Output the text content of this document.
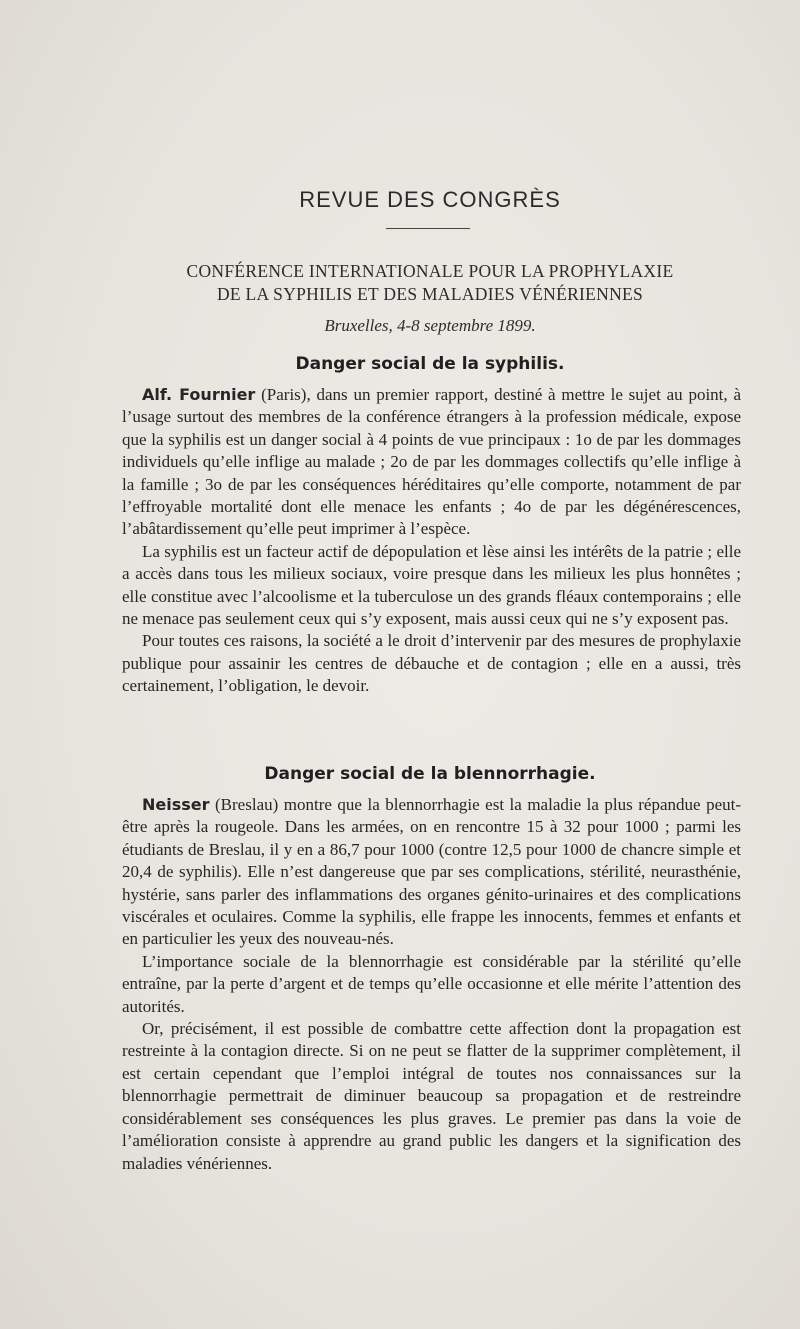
REVUE DES CONGRÈS
CONFÉRENCE INTERNATIONALE POUR LA PROPHYLAXIE
DE LA SYPHILIS ET DES MALADIES VÉNÉRIENNES
Bruxelles, 4-8 septembre 1899.
Danger social de la syphilis.

Alf. Fournier (Paris), dans un premier rapport, destiné à mettre le sujet au point, à l’usage surtout des membres de la conférence étrangers à la profession médicale, expose que la syphilis est un danger social à 4 points de vue principaux : 1o de par les dommages individuels qu’elle inflige au malade ; 2o de par les dommages collectifs qu’elle inflige à la famille ; 3o de par les conséquences héréditaires qu’elle comporte, notamment de par l’effroyable mortalité dont elle menace les enfants ; 4o de par les dégénérescences, l’abâtardissement qu’elle peut imprimer à l’espèce.

La syphilis est un facteur actif de dépopulation et lèse ainsi les intérêts de la patrie ; elle a accès dans tous les milieux sociaux, voire presque dans les milieux les plus honnêtes ; elle constitue avec l’alcoolisme et la tuberculose un des grands fléaux contemporains ; elle ne menace pas seulement ceux qui s’y exposent, mais aussi ceux qui ne s’y exposent pas.

Pour toutes ces raisons, la société a le droit d’intervenir par des mesures de prophylaxie publique pour assainir les centres de débauche et de contagion ; elle en a aussi, très certainement, l’obligation, le devoir.

Danger social de la blennorrhagie.

Neisser (Breslau) montre que la blennorrhagie est la maladie la plus répandue peut-être après la rougeole. Dans les armées, on en rencontre 15 à 32 pour 1000 ; parmi les étudiants de Breslau, il y en a 86,7 pour 1000 (contre 12,5 pour 1000 de chancre simple et 20,4 de syphilis). Elle n’est dangereuse que par ses complications, stérilité, neurasthénie, hystérie, sans parler des inflammations des organes génito-urinaires et des complications viscérales et oculaires. Comme la syphilis, elle frappe les innocents, femmes et enfants et en particulier les yeux des nouveau-nés.

L’importance sociale de la blennorrhagie est considérable par la stérilité qu’elle entraîne, par la perte d’argent et de temps qu’elle occasionne et elle mérite l’attention des autorités.

Or, précisément, il est possible de combattre cette affection dont la propagation est restreinte à la contagion directe. Si on ne peut se flatter de la supprimer complètement, il est certain cependant que l’emploi intégral de toutes nos connaissances sur la blennorrhagie permettrait de diminuer beaucoup sa propagation et de restreindre considérablement ses conséquences les plus graves. Le premier pas dans la voie de l’amélioration consiste à apprendre au grand public les dangers et la signification des maladies vénériennes.
